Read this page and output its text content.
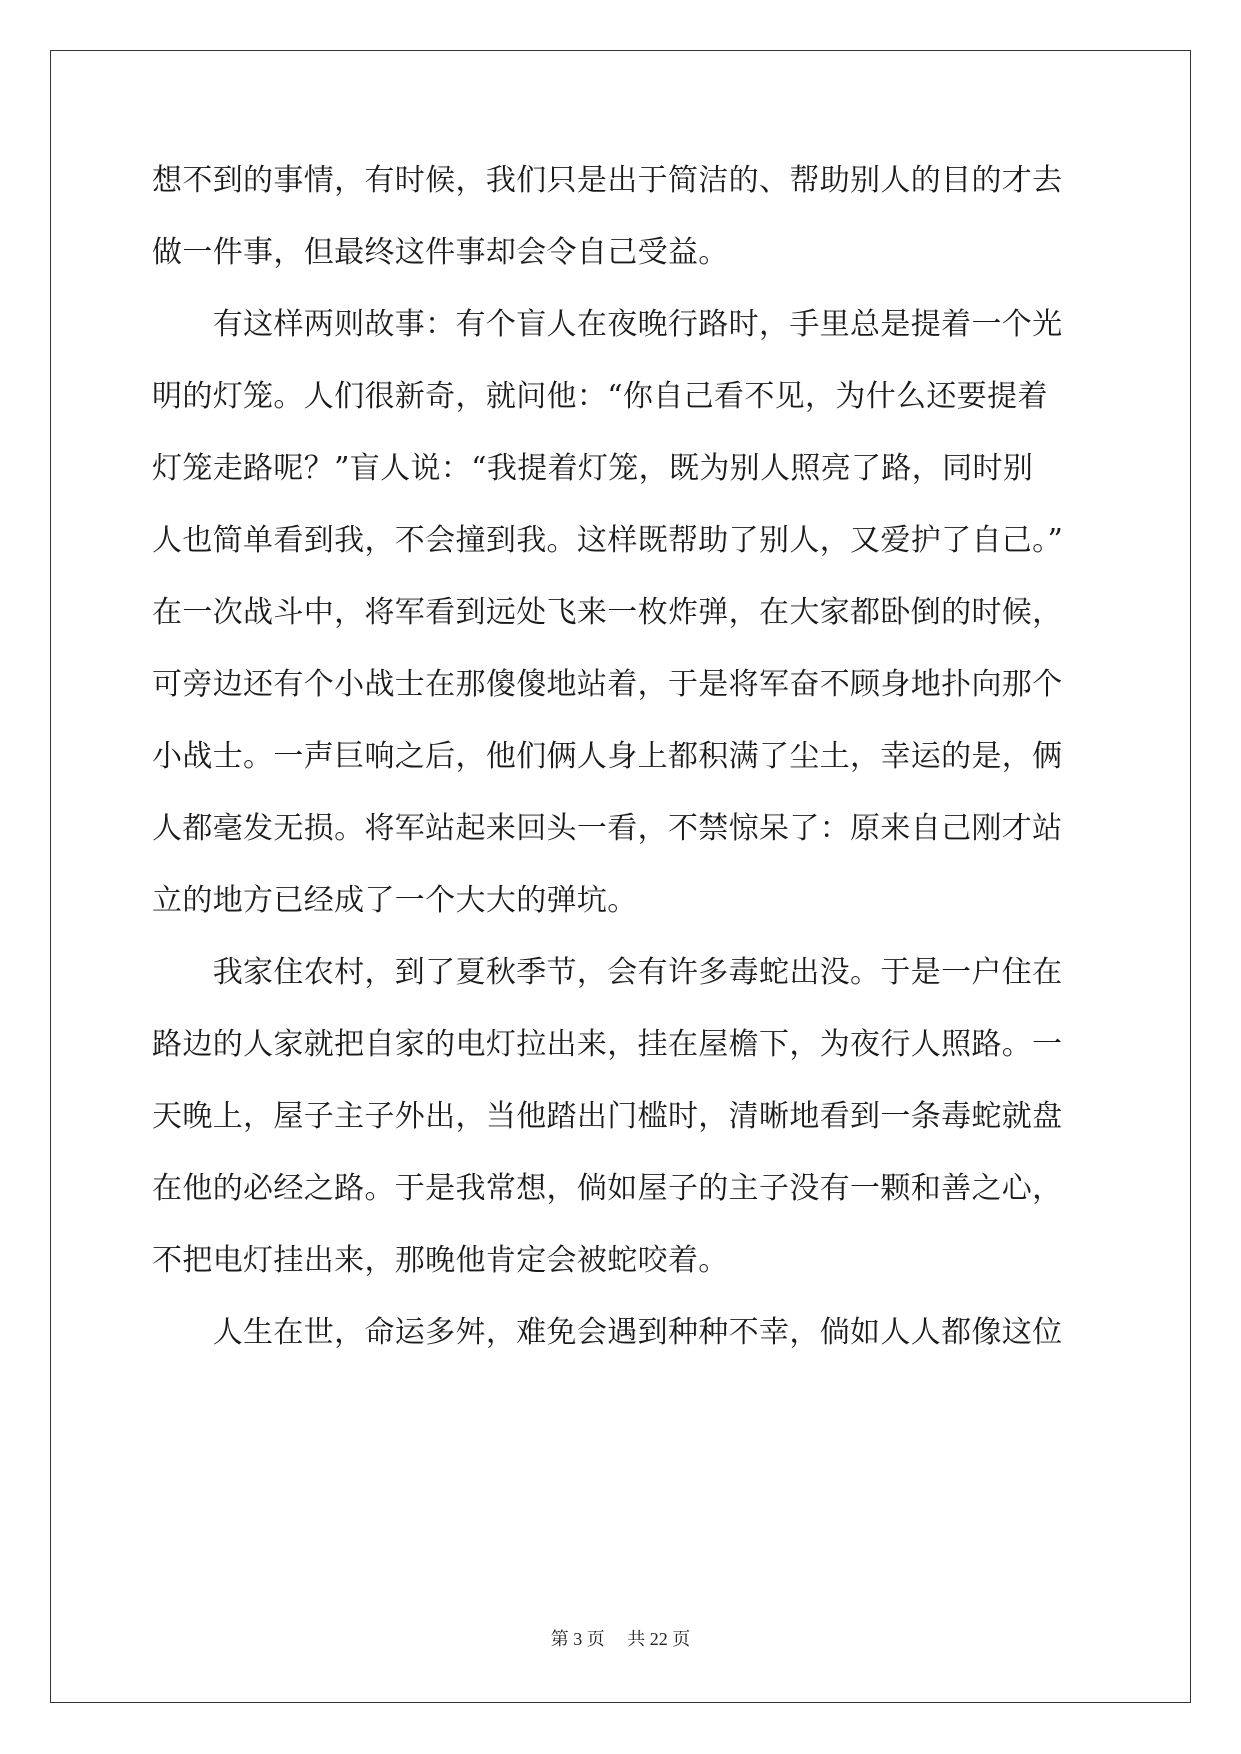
想不到的事情，有时候，我们只是出于简洁的、帮助别人的目的才去
做一件事，但最终这件事却会令自己受益。
　　有这样两则故事：有个盲人在夜晚行路时，手里总是提着一个光
明的灯笼。人们很新奇，就问他：“你自己看不见，为什么还要提着
灯笼走路呢？”盲人说：“我提着灯笼，既为别人照亮了路，同时别
人也简单看到我，不会撞到我。这样既帮助了别人，又爱护了自己。”
在一次战斗中，将军看到远处飞来一枚炸弹，在大家都卧倒的时候，
可旁边还有个小战士在那傻傻地站着，于是将军奋不顾身地扑向那个
小战士。一声巨响之后，他们俩人身上都积满了尘土，幸运的是，俩
人都毫发无损。将军站起来回头一看，不禁惊呆了：原来自己刚才站
立的地方已经成了一个大大的弹坑。
　　我家住农村，到了夏秋季节，会有许多毒蛇出没。于是一户住在
路边的人家就把自家的电灯拉出来，挂在屋檐下，为夜行人照路。一
天晚上，屋子主子外出，当他踏出门槛时，清晰地看到一条毒蛇就盘
在他的必经之路。于是我常想，倘如屋子的主子没有一颗和善之心，
不把电灯挂出来，那晚他肯定会被蛇咬着。
　　人生在世，命运多舛，难免会遇到种种不幸，倘如人人都像这位
第 3 页　 共 22 页
